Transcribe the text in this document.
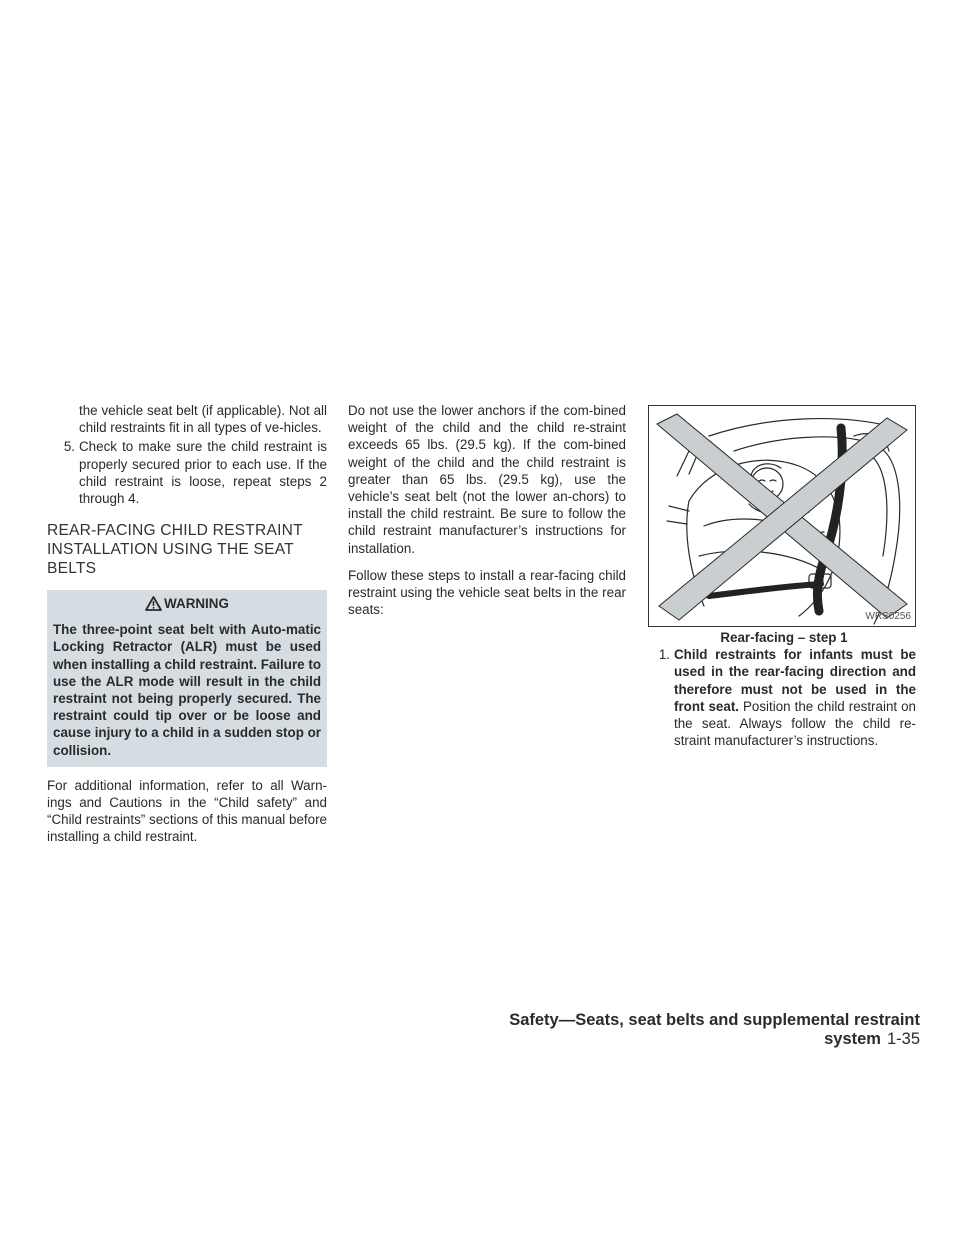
the vehicle seat belt (if applicable). Not all child restraints fit in all types of ve-hicles.

5. Check to make sure the child restraint is properly secured prior to each use. If the child restraint is loose, repeat steps 2 through 4.
REAR-FACING CHILD RESTRAINT INSTALLATION USING THE SEAT BELTS
WARNING
The three-point seat belt with Auto-matic Locking Retractor (ALR) must be used when installing a child restraint. Failure to use the ALR mode will result in the child restraint not being properly secured. The restraint could tip over or be loose and cause injury to a child in a sudden stop or collision.

For additional information, refer to all Warn-ings and Cautions in the “Child safety” and “Child restraints” sections of this manual before installing a child restraint.

Do not use the lower anchors if the com-bined weight of the child and the child re-straint exceeds 65 lbs. (29.5 kg). If the com-bined weight of the child and the child restraint is greater than 65 lbs. (29.5 kg), use the vehicle’s seat belt (not the lower an-chors) to install the child restraint. Be sure to follow the child restraint manufacturer’s instructions for installation.

Follow these steps to install a rear-facing child restraint using the vehicle seat belts in the rear seats:	WRS0256
Rear-facing – step 1
1. Child restraints for infants must be used in the rear-facing direction and therefore must not be used in the front seat. Position the child restraint on the seat. Always follow the child re-straint manufacturer’s instructions.
Safety—Seats, seat belts and supplemental restraint system 1-35
